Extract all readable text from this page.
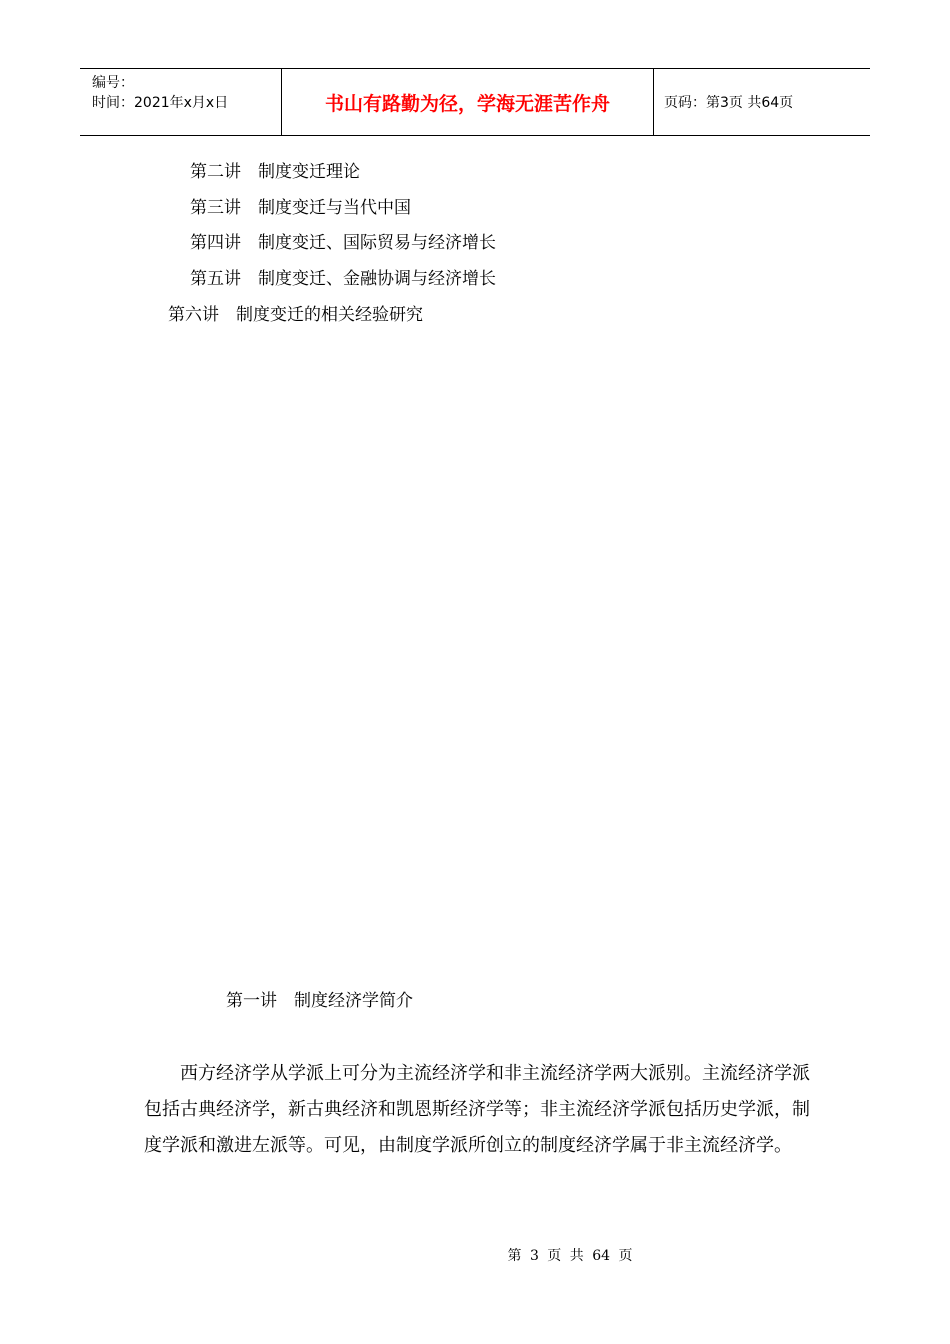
编号：
时间：2021年x月x日	书山有路勤为径，学海无涯苦作舟	页码：第3页 共64页
第二讲　制度变迁理论
第三讲　制度变迁与当代中国
第四讲　制度变迁、国际贸易与经济增长
第五讲　制度变迁、金融协调与经济增长
第六讲　制度变迁的相关经验研究
第一讲　制度经济学简介
西方经济学从学派上可分为主流经济学和非主流经济学两大派别。主流经济学派包括古典经济学，新古典经济和凯恩斯经济学等；非主流经济学派包括历史学派，制度学派和激进左派等。可见，由制度学派所创立的制度经济学属于非主流经济学。
第 3 页 共 64 页
